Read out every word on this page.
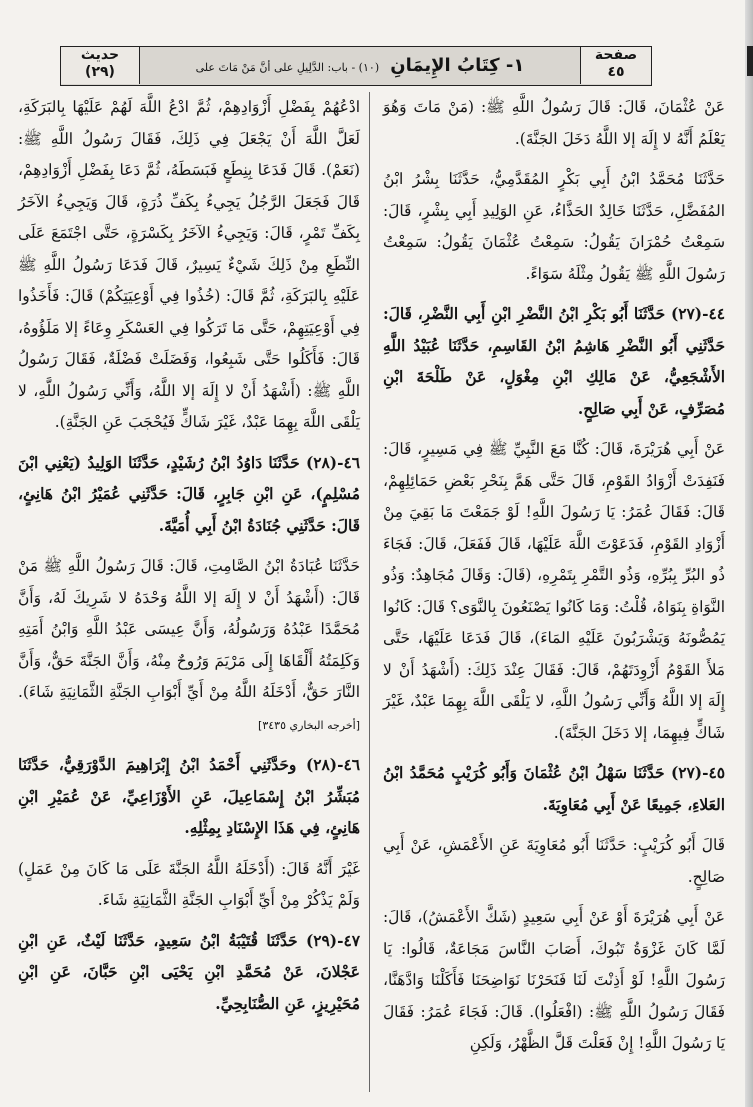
صفحة
٤٥
١- كِتَابُ الإِيمَانِ (١٠) - باب: الدَّلِيلِ على أنَّ مَنْ مَاتَ على
حديث
(٢٩)

عَنْ عُثْمَانَ، قَالَ: قَالَ رَسُولُ اللَّهِ ﷺ: (مَنْ مَاتَ وَهُوَ يَعْلَمُ أَنَّهُ لا إِلَهَ إلا اللَّهُ دَخَلَ الجَنَّةَ).

حَدَّثَنَا مُحَمَّدُ ابْنُ أَبِي بَكْرٍ المُقَدَّمِيُّ، حَدَّثَنَا بِشْرُ ابْنُ المُفَضَّلِ، حَدَّثَنَا خَالِدٌ الحَذَّاءُ، عَنِ الوَلِيدِ أَبِي بِشْرٍ، قَالَ: سَمِعْتُ حُمْرَانَ يَقُولُ: سَمِعْتُ عُثْمَانَ يَقُولُ: سَمِعْتُ رَسُولَ اللَّهِ ﷺ يَقُولُ مِثْلَهُ سَوَاءً.

٤٤-(٢٧) حَدَّثَنَا أَبُو بَكْرِ ابْنُ النَّضْرِ ابْنِ أَبِي النَّضْرِ، قَالَ: حَدَّثَنِي أَبُو النَّضْرِ هَاشِمُ ابْنُ القَاسِمِ، حَدَّثَنَا عُبَيْدُ اللَّهِ الأَشْجَعِيُّ، عَنْ مَالِكِ ابْنِ مِغْوَلٍ، عَنْ طَلْحَةَ ابْنِ مُصَرِّفٍ، عَنْ أَبِي صَالِحٍ.

عَنْ أَبِي هُرَيْرَةَ، قَالَ: كُنَّا مَعَ النَّبِيِّ ﷺ فِي مَسِيرٍ، قَالَ: فَنَفِدَتْ أَزْوَادُ القَوْمِ، قَالَ حَتَّى هَمَّ بِنَحْرِ بَعْضِ حَمَائِلِهِمْ، قَالَ: فَقَالَ عُمَرُ: يَا رَسُولَ اللَّهِ! لَوْ جَمَعْتَ مَا بَقِيَ مِنْ أَزْوَادِ القَوْمِ، فَدَعَوْتَ اللَّهَ عَلَيْهَا، قَالَ فَفَعَلَ، قَالَ: فَجَاءَ ذُو البُرِّ بِبُرِّهِ، وَذُو التَّمْرِ بِتَمْرِهِ، (قَالَ: وَقَالَ مُجَاهِدٌ: وَذُو النَّوَاةِ بِنَوَاهُ، قُلْتُ: وَمَا كَانُوا يَصْنَعُونَ بِالنَّوَى؟ قَالَ: كَانُوا يَمُصُّونَهُ وَيَشْرَبُونَ عَلَيْهِ المَاءَ)، قَالَ فَدَعَا عَلَيْهَا، حَتَّى مَلأَ القَوْمُ أَزْوِدَتَهُمْ، قَالَ: فَقَالَ عِنْدَ ذَلِكَ: (أَشْهَدُ أَنْ لا إِلَهَ إلا اللَّهُ وَأَنِّي رَسُولُ اللَّهِ، لا يَلْقَى اللَّهَ بِهِمَا عَبْدٌ، غَيْرَ شَاكٍّ فِيهِمَا، إلا دَخَلَ الجَنَّةَ).

٤٥-(٢٧) حَدَّثَنَا سَهْلُ ابْنُ عُثْمَانَ وَأَبُو كُرَيْبٍ مُحَمَّدُ ابْنُ العَلاءِ، جَمِيعًا عَنْ أَبِي مُعَاوِيَةَ.

قَالَ أَبُو كُرَيْبٍ: حَدَّثَنَا أَبُو مُعَاوِيَةَ عَنِ الأَعْمَشِ، عَنْ أَبِي صَالِحٍ.

عَنْ أَبِي هُرَيْرَةَ أَوْ عَنْ أَبِي سَعِيدٍ (شَكَّ الأَعْمَشُ)، قَالَ: لَمَّا كَانَ غَزْوَةُ تَبُوكَ، أَصَابَ النَّاسَ مَجَاعَةٌ، قَالُوا: يَا رَسُولَ اللَّهِ! لَوْ أَذِنْتَ لَنَا فَنَحَرْنَا نَوَاضِحَنَا فَأَكَلْنَا وَادَّهَنَّا، فَقَالَ رَسُولُ اللَّهِ ﷺ: (افْعَلُوا). قَالَ: فَجَاءَ عُمَرُ: فَقَالَ يَا رَسُولَ اللَّهِ! إِنْ فَعَلْتَ قَلَّ الظَّهْرُ، وَلَكِنِ

ادْعُهُمْ بِفَضْلِ أَزْوَادِهِمْ، ثُمَّ ادْعُ اللَّهَ لَهُمْ عَلَيْهَا بِالبَرَكَةِ، لَعَلَّ اللَّهَ أَنْ يَجْعَلَ فِي ذَلِكَ، فَقَالَ رَسُولُ اللَّهِ ﷺ: (نَعَمْ). قَالَ فَدَعَا بِنِطَعٍ فَبَسَطَهُ، ثُمَّ دَعَا بِفَضْلِ أَزْوَادِهِمْ، قَالَ فَجَعَلَ الرَّجُلُ يَجِيءُ بِكَفِّ ذُرَةٍ، قَالَ وَيَجِيءُ الآخَرُ بِكَفِّ تَمْرٍ، قَالَ: وَيَجِيءُ الآخَرُ بِكَسْرَةٍ، حَتَّى اجْتَمَعَ عَلَى النِّطَعِ مِنْ ذَلِكَ شَيْءٌ يَسِيرٌ، قَالَ فَدَعَا رَسُولُ اللَّهِ ﷺ عَلَيْهِ بِالبَرَكَةِ، ثُمَّ قَالَ: (خُذُوا فِي أَوْعِيَتِكُمْ) قَالَ: فَأَخَذُوا فِي أَوْعِيَتِهِمْ، حَتَّى مَا تَرَكُوا فِي العَسْكَرِ وِعَاءً إلا مَلَؤُوهُ، قَالَ: فَأَكَلُوا حَتَّى شَبِعُوا، وَفَضَلَتْ فَضْلَةٌ، فَقَالَ رَسُولُ اللَّهِ ﷺ: (أَشْهَدُ أَنْ لا إِلَهَ إلا اللَّهُ، وَأَنِّي رَسُولُ اللَّهِ، لا يَلْقَى اللَّهَ بِهِمَا عَبْدٌ، غَيْرَ شَاكٍّ فَيُحْجَبَ عَنِ الجَنَّةِ).

٤٦-(٢٨) حَدَّثَنَا دَاوُدُ ابْنُ رُشَيْدٍ، حَدَّثَنَا الوَلِيدُ (يَعْنِي ابْنَ مُسْلِمٍ)، عَنِ ابْنِ جَابِرٍ، قَالَ: حَدَّثَنِي عُمَيْرُ ابْنُ هَانِئٍ، قَالَ: حَدَّثَنِي جُنَادَةُ ابْنُ أَبِي أُمَيَّةَ.

حَدَّثَنَا عُبَادَةُ ابْنُ الصَّامِتِ، قَالَ: قَالَ رَسُولُ اللَّهِ ﷺ مَنْ قَالَ: (أَشْهَدُ أَنْ لا إِلَهَ إلا اللَّهُ وَحْدَهُ لا شَرِيكَ لَهُ، وَأَنَّ مُحَمَّدًا عَبْدُهُ وَرَسُولُهُ، وَأَنَّ عِيسَى عَبْدُ اللَّهِ وَابْنُ أَمَتِهِ وَكَلِمَتُهُ أَلْقَاهَا إِلَى مَرْيَمَ وَرُوحٌ مِنْهُ، وَأَنَّ الجَنَّةَ حَقٌّ، وَأَنَّ النَّارَ حَقٌّ، أَدْخَلَهُ اللَّهُ مِنْ أَيِّ أَبْوَابِ الجَنَّةِ الثَّمَانِيَةِ شَاءَ). [أخرجه البخاري ٣٤٣٥]

٤٦-(٢٨) وحَدَّثَنِي أَحْمَدُ ابْنُ إِبْرَاهِيمَ الدَّوْرَقِيُّ، حَدَّثَنَا مُبَشِّرُ ابْنُ إِسْمَاعِيلَ، عَنِ الأَوْزَاعِيِّ، عَنْ عُمَيْرِ ابْنِ هَانِئٍ، فِي هَذَا الإِسْنَادِ بِمِثْلِهِ.

غَيْرَ أَنَّهُ قَالَ: (أَدْخَلَهُ اللَّهُ الجَنَّةَ عَلَى مَا كَانَ مِنْ عَمَلٍ) وَلَمْ يَذْكُرْ مِنْ أَيِّ أَبْوَابِ الجَنَّةِ الثَّمَانِيَةِ شَاءَ.

٤٧-(٢٩) حَدَّثَنَا قُتَيْبَةُ ابْنُ سَعِيدٍ، حَدَّثَنَا لَيْثٌ، عَنِ ابْنِ عَجْلانَ، عَنْ مُحَمَّدِ ابْنِ يَحْيَى ابْنِ حَبَّانَ، عَنِ ابْنِ مُحَيْرِيزٍ، عَنِ الصُّنَابِحِيِّ.
